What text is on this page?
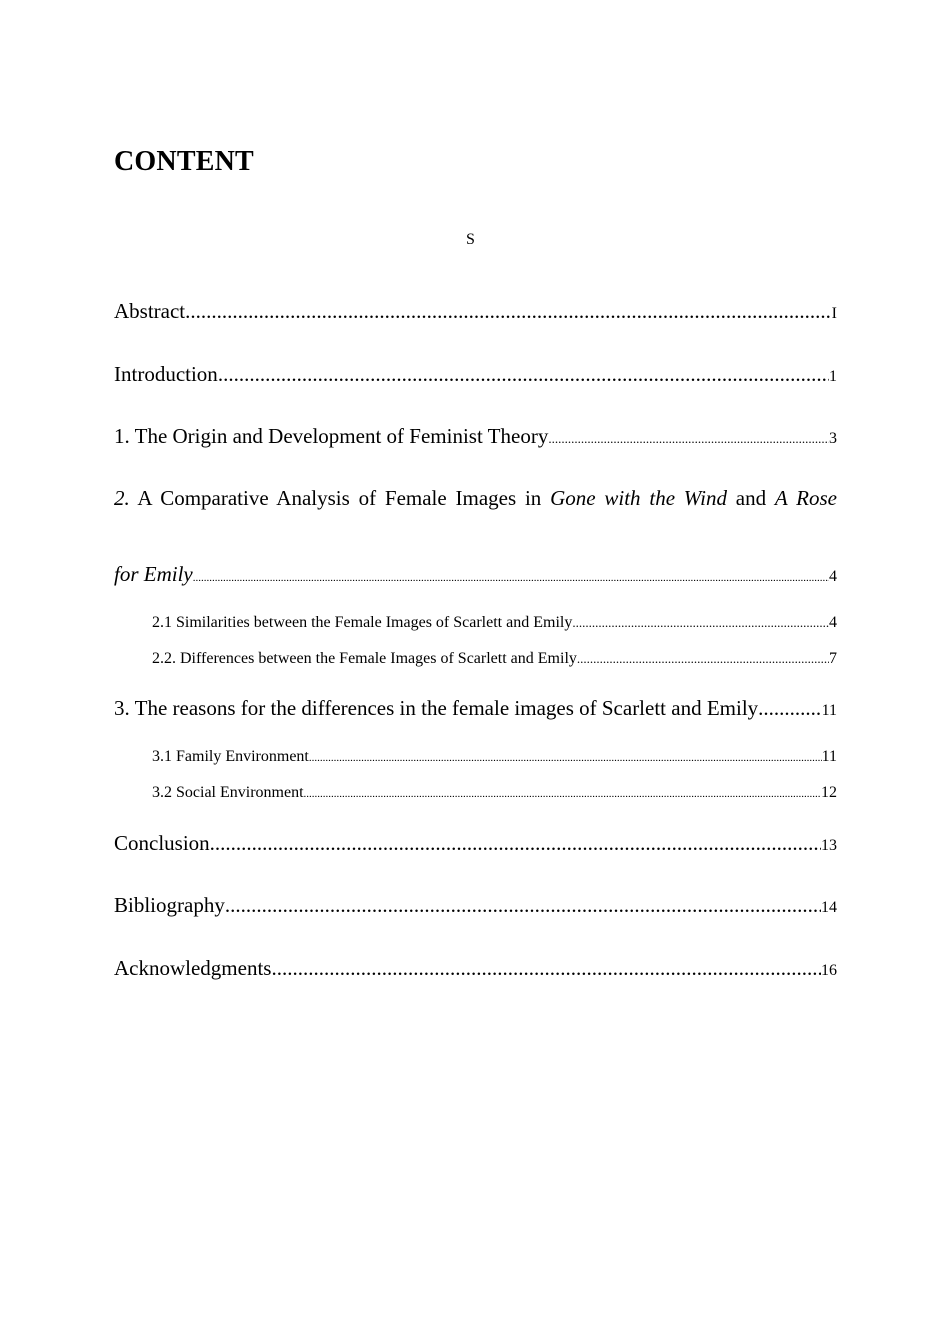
CONTENT
S
Abstract .....	I
Introduction .....	1
1. The Origin and Development of Feminist Theory .....	3
2. A Comparative Analysis of Female Images in Gone with the Wind and A Rose
for Emily .....	4
2.1 Similarities between the Female Images of Scarlett and Emily .....	4
2.2. Differences between the Female Images of Scarlett and Emily .....	7
3. The reasons for the differences in the female images of Scarlett and Emily .....	11
3.1 Family Environment .....	11
3.2 Social Environment .....	12
Conclusion .....	13
Bibliography .....	14
Acknowledgments .....	16
